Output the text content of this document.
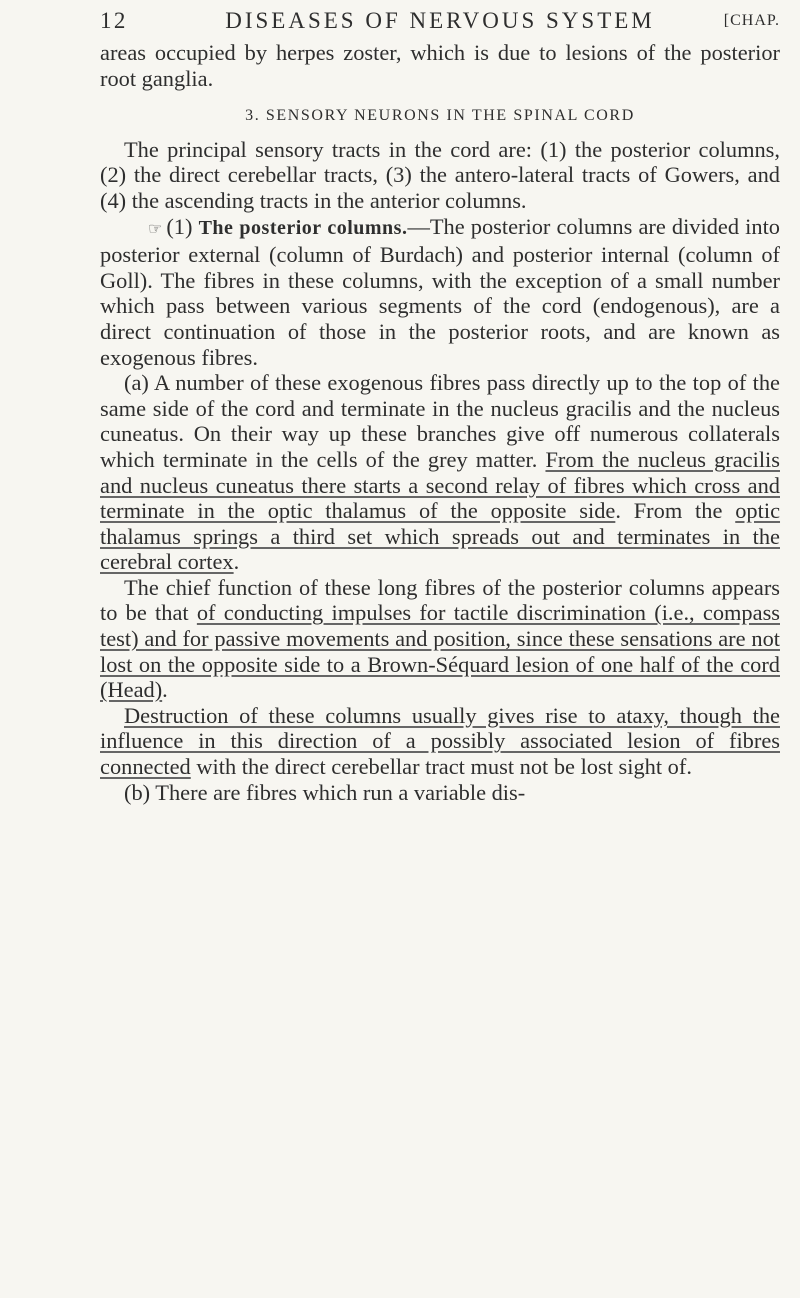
12	DISEASES OF NERVOUS SYSTEM	[CHAP.

areas occupied by herpes zoster, which is due to lesions of the posterior root ganglia.

3. SENSORY NEURONS IN THE SPINAL CORD

The principal sensory tracts in the cord are: (1) the posterior columns, (2) the direct cerebellar tracts, (3) the antero-lateral tracts of Gowers, and (4) the ascending tracts in the anterior columns.

☞ (1) The posterior columns.—The posterior columns are divided into posterior external (column of Burdach) and posterior internal (column of Goll). The fibres in these columns, with the exception of a small number which pass between various segments of the cord (endogenous), are a direct continuation of those in the posterior roots, and are known as exogenous fibres.

(a) A number of these exogenous fibres pass directly up to the top of the same side of the cord and terminate in the nucleus gracilis and the nucleus cuneatus. On their way up these branches give off numerous collaterals which terminate in the cells of the grey matter. From the nucleus gracilis and nucleus cuneatus there starts a second relay of fibres which cross and terminate in the optic thalamus of the opposite side. From the optic thalamus springs a third set which spreads out and terminates in the cerebral cortex.

The chief function of these long fibres of the posterior columns appears to be that of conducting impulses for tactile discrimination (i.e., compass test) and for passive movements and position, since these sensations are not lost on the opposite side to a Brown-Séquard lesion of one half of the cord (Head).

Destruction of these columns usually gives rise to ataxy, though the influence in this direction of a possibly associated lesion of fibres connected with the direct cerebellar tract must not be lost sight of.

(b) There are fibres which run a variable dis-
